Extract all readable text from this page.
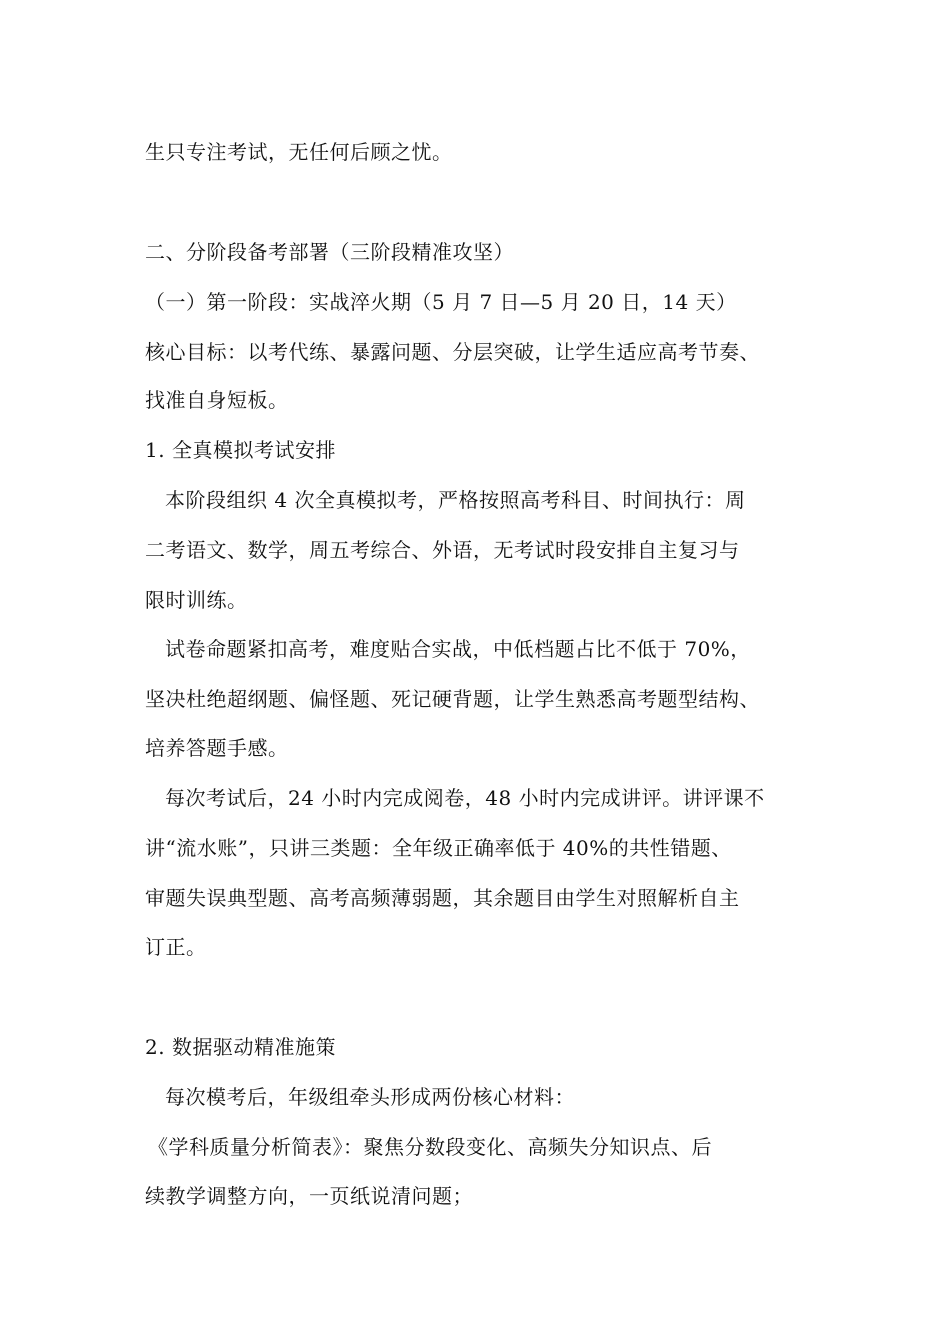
生只专注考试，无任何后顾之忧。
二、分阶段备考部署（三阶段精准攻坚）
（一）第一阶段：实战淬火期（5 月 7 日—5 月 20 日，14 天）
核心目标：以考代练、暴露问题、分层突破，让学生适应高考节奏、
找准自身短板。
1. 全真模拟考试安排
本阶段组织 4 次全真模拟考，严格按照高考科目、时间执行：周
二考语文、数学，周五考综合、外语，无考试时段安排自主复习与
限时训练。
试卷命题紧扣高考，难度贴合实战，中低档题占比不低于 70%，
坚决杜绝超纲题、偏怪题、死记硬背题，让学生熟悉高考题型结构、
培养答题手感。
每次考试后，24 小时内完成阅卷，48 小时内完成讲评。讲评课不
讲“流水账”，只讲三类题：全年级正确率低于 40%的共性错题、
审题失误典型题、高考高频薄弱题，其余题目由学生对照解析自主
订正。
2. 数据驱动精准施策
每次模考后，年级组牵头形成两份核心材料：
《学科质量分析简表》：聚焦分数段变化、高频失分知识点、后
续教学调整方向，一页纸说清问题；
